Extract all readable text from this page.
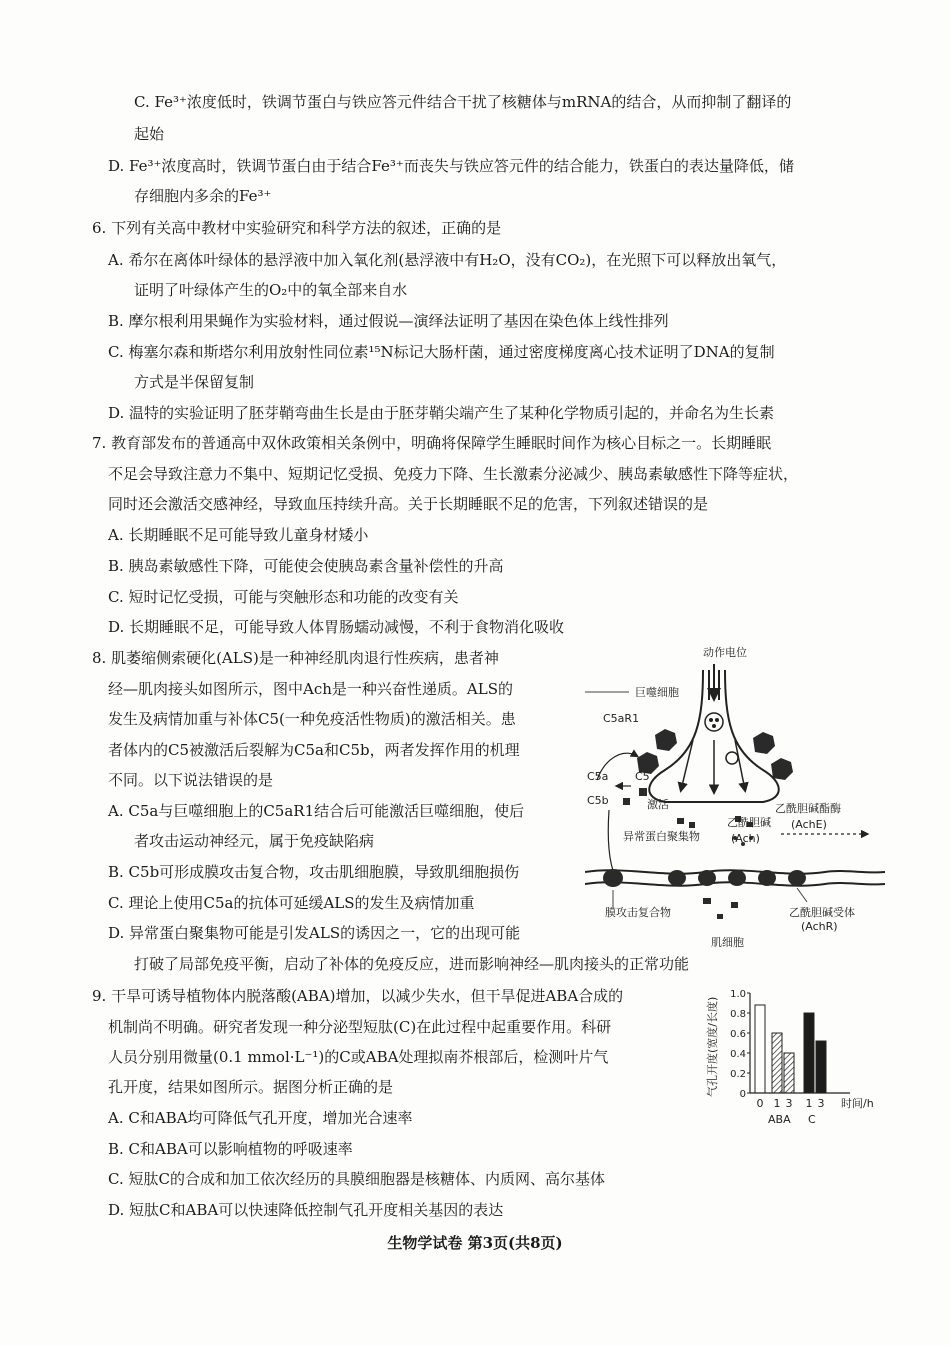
C. Fe³⁺浓度低时，铁调节蛋白与铁应答元件结合干扰了核糖体与mRNA的结合，从而抑制了翻译的
起始
D. Fe³⁺浓度高时，铁调节蛋白由于结合Fe³⁺而丧失与铁应答元件的结合能力，铁蛋白的表达量降低，储
存细胞内多余的Fe³⁺
6. 下列有关高中教材中实验研究和科学方法的叙述，正确的是
A. 希尔在离体叶绿体的悬浮液中加入氧化剂(悬浮液中有H₂O，没有CO₂)，在光照下可以释放出氧气，
证明了叶绿体产生的O₂中的氧全部来自水
B. 摩尔根利用果蝇作为实验材料，通过假说—演绎法证明了基因在染色体上线性排列
C. 梅塞尔森和斯塔尔利用放射性同位素¹⁵N标记大肠杆菌，通过密度梯度离心技术证明了DNA的复制
方式是半保留复制
D. 温特的实验证明了胚芽鞘弯曲生长是由于胚芽鞘尖端产生了某种化学物质引起的，并命名为生长素
7. 教育部发布的普通高中双休政策相关条例中，明确将保障学生睡眠时间作为核心目标之一。长期睡眠
不足会导致注意力不集中、短期记忆受损、免疫力下降、生长激素分泌减少、胰岛素敏感性下降等症状，
同时还会激活交感神经，导致血压持续升高。关于长期睡眠不足的危害，下列叙述错误的是
A. 长期睡眠不足可能导致儿童身材矮小
B. 胰岛素敏感性下降，可能使会使胰岛素含量补偿性的升高
C. 短时记忆受损，可能与突触形态和功能的改变有关
D. 长期睡眠不足，可能导致人体胃肠蠕动减慢，不利于食物消化吸收
8. 肌萎缩侧索硬化(ALS)是一种神经肌肉退行性疾病，患者神
经—肌肉接头如图所示，图中Ach是一种兴奋性递质。ALS的
发生及病情加重与补体C5(一种免疫活性物质)的激活相关。患
者体内的C5被激活后裂解为C5a和C5b，两者发挥作用的机理
不同。以下说法错误的是
A. C5a与巨噬细胞上的C5aR1结合后可能激活巨噬细胞，使后
者攻击运动神经元，属于免疫缺陷病
B. C5b可形成膜攻击复合物，攻击肌细胞膜，导致肌细胞损伤
C. 理论上使用C5a的抗体可延缓ALS的发生及病情加重
D. 异常蛋白聚集物可能是引发ALS的诱因之一，它的出现可能
打破了局部免疫平衡，启动了补体的免疫反应，进而影响神经—肌肉接头的正常功能
动作电位
巨噬细胞
C5aR1
C5a C5
C5b	激活
异常蛋白聚集物
乙酰胆碱
(Ach)
乙酰胆碱酯酶
(AchE)
膜攻击复合物	乙酰胆碱受体
(AchR)
肌细胞
9. 干旱可诱导植物体内脱落酸(ABA)增加，以减少失水，但干旱促进ABA合成的
机制尚不明确。研究者发现一种分泌型短肽(C)在此过程中起重要作用。科研
人员分别用微量(0.1 mmol·L⁻¹)的C或ABA处理拟南芥根部后，检测叶片气
孔开度，结果如图所示。据图分析正确的是
A. C和ABA均可降低气孔开度，增加光合速率
B. C和ABA可以影响植物的呼吸速率
C. 短肽C的合成和加工依次经历的具膜细胞器是核糖体、内质网、高尔基体
D. 短肽C和ABA可以快速降低控制气孔开度相关基因的表达
气孔开度(宽度/长度)
1.0
0.8
0.6
0.4
0.2
0
0 1 3 1 3 时间/h
ABA C
生物学试卷 第3页(共8页)
